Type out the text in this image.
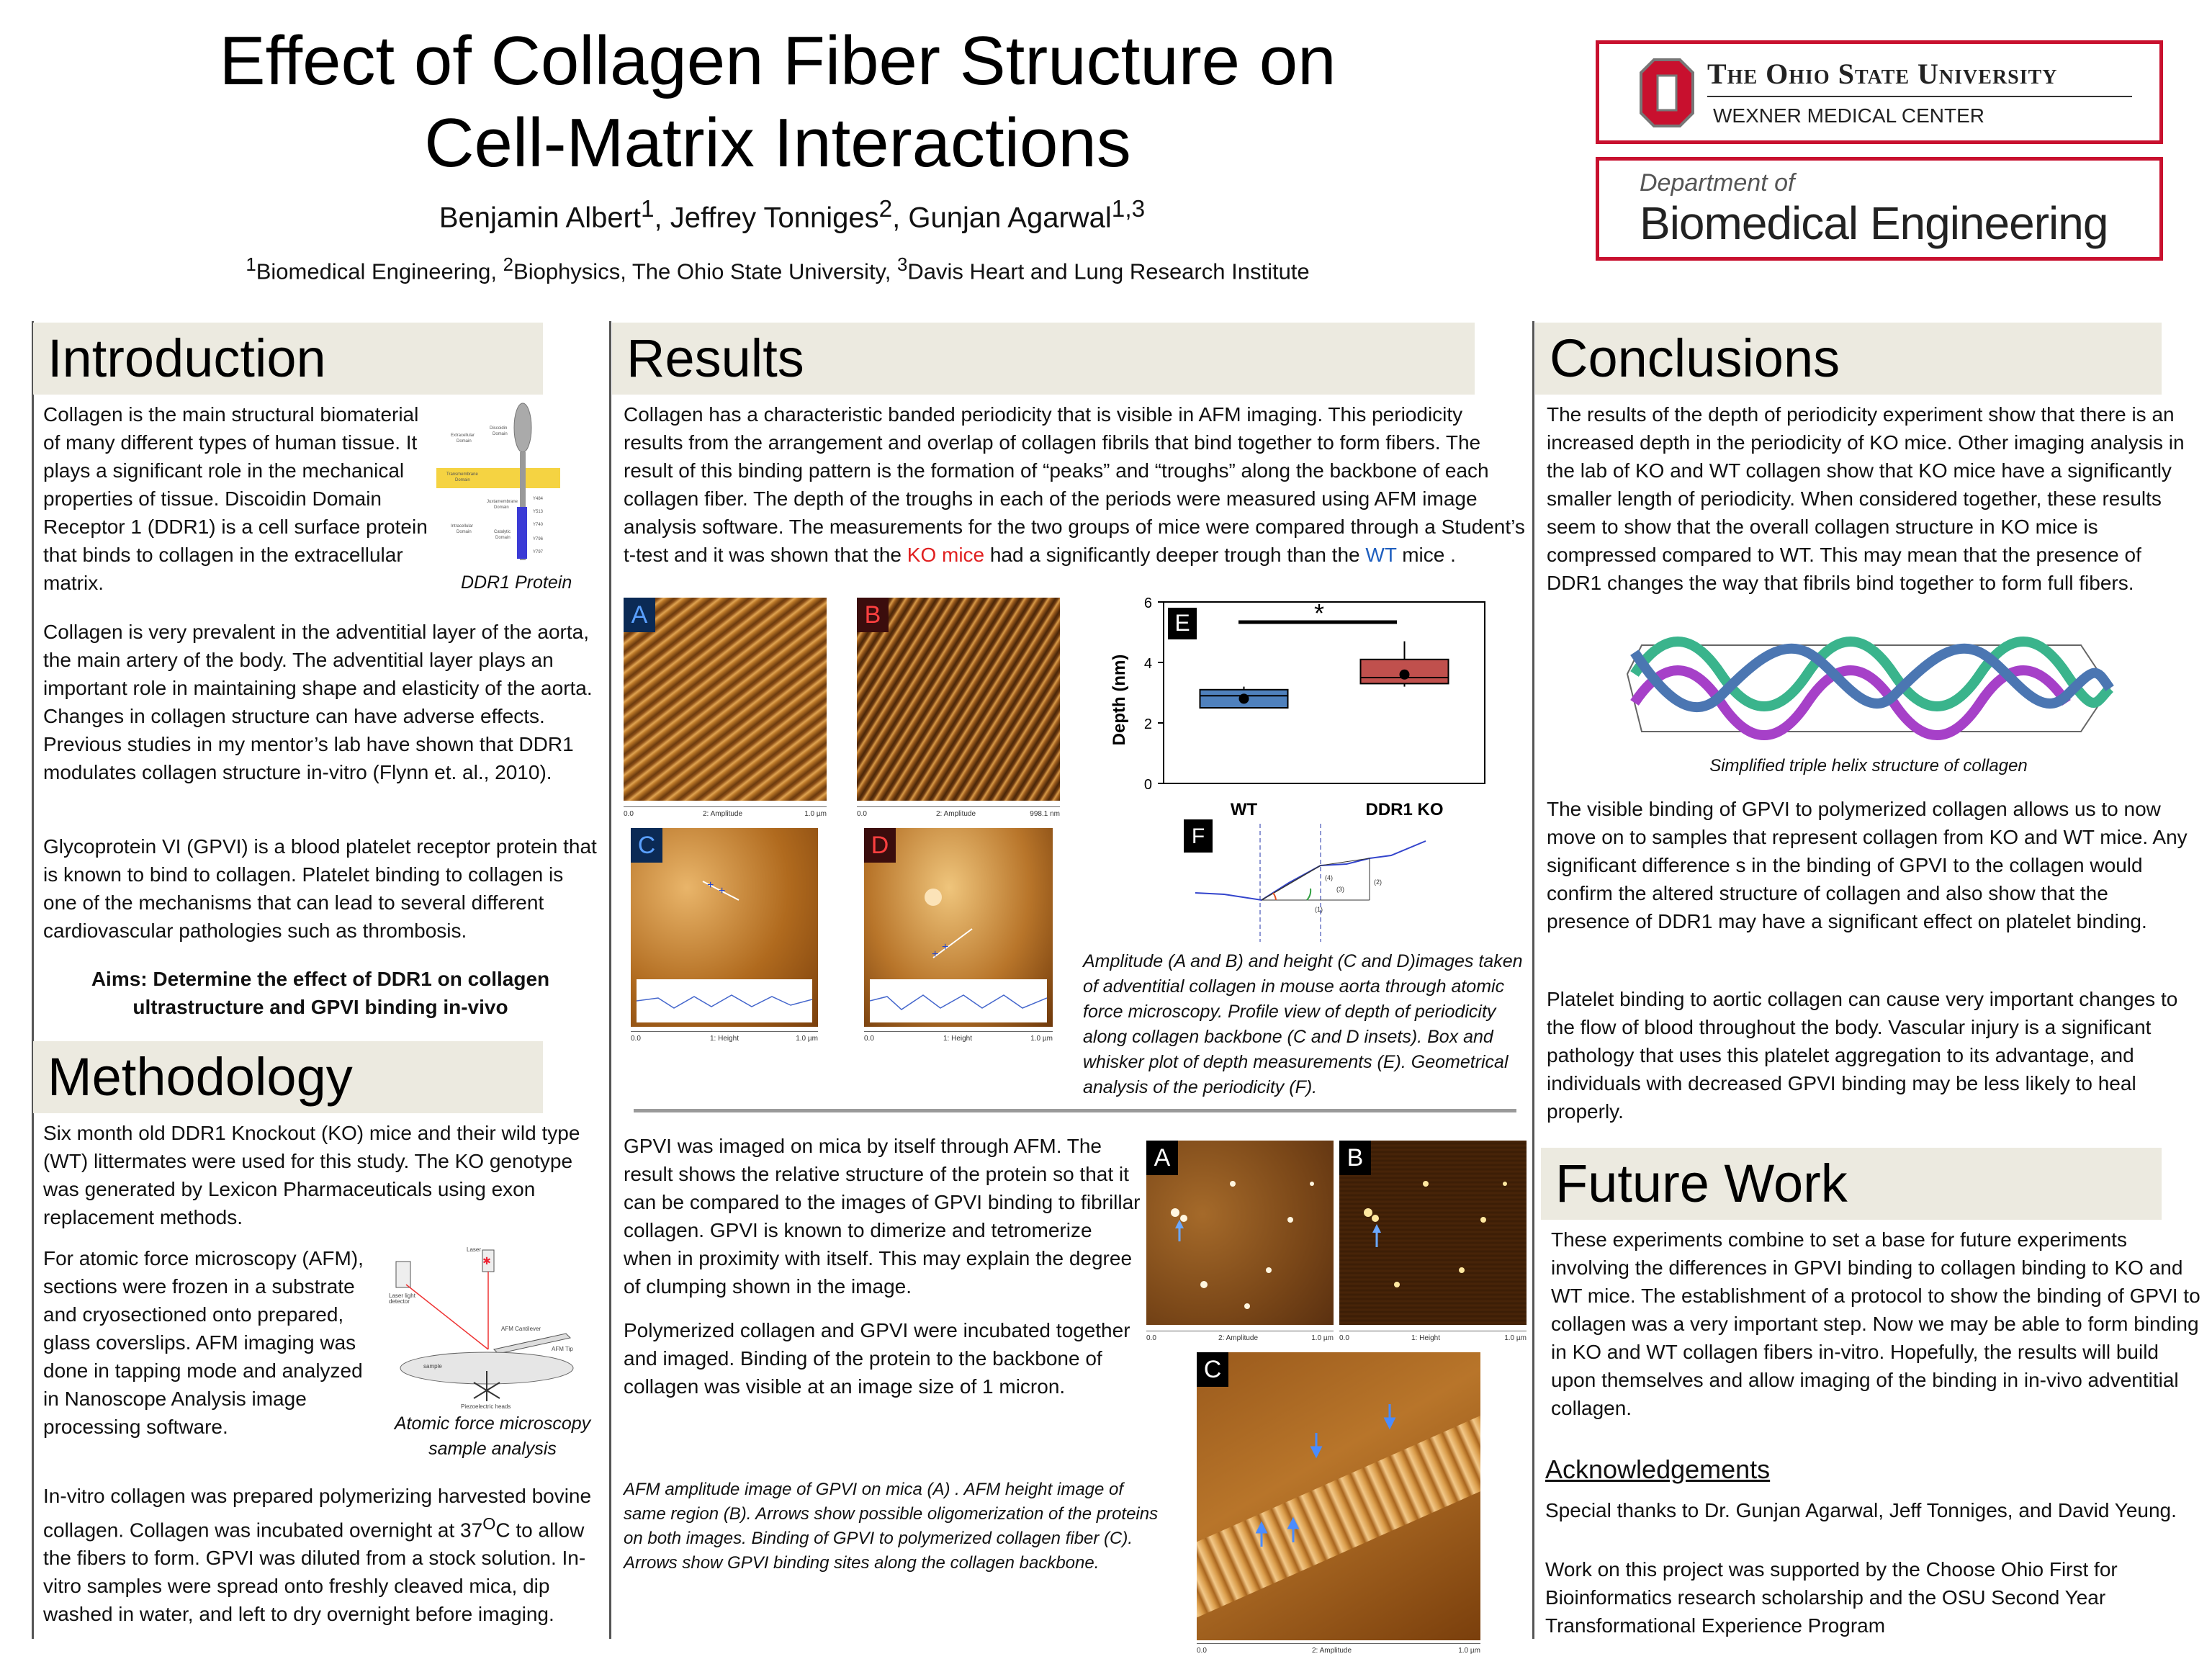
Effect of Collagen Fiber Structure on
Cell-Matrix Interactions
Benjamin Albert$^1$, Jeffrey Tonniges$^2$, Gunjan Agarwal$^{1,3}$
$^1$Biomedical Engineering, $^2$Biophysics, The Ohio State University, $^3$Davis Heart and Lung Research Institute
The Ohio State University
WEXNER MEDICAL CENTER
Department of
Biomedical Engineering
Introduction
Collagen is the main structural biomaterial of many different types of human tissue. It plays a significant role in the mechanical properties of tissue. Discoidin Domain Receptor 1 (DDR1) is a cell surface protein that binds to collagen in the extracellular matrix.
Extracellular
Domain
Discoidin
Domain
Transmembrane
Domain
Juxtamembrane
Domain
Intracellular
Domain	Catalytic
Domain
Y484
Y513
Y740
Y796
Y797
DDR1 Protein
Collagen is very prevalent in the adventitial layer of the aorta, the main artery of the body. The adventitial layer plays an important role in maintaining shape and elasticity of the aorta. Changes in collagen structure can have adverse effects. Previous studies in my mentor’s lab have shown that DDR1 modulates collagen structure in-vitro (Flynn et. al., 2010).
Glycoprotein VI (GPVI) is a blood platelet receptor protein that is known to bind to collagen. Platelet binding to collagen is one of the mechanisms that can lead to several different cardiovascular pathologies such as thrombosis.
Aims: Determine the effect of DDR1 on collagen ultrastructure and GPVI binding in-vivo
Methodology
Six month old DDR1 Knockout (KO) mice and their wild type (WT) littermates were used for this study. The KO genotype was generated by Lexicon Pharmaceuticals using exon replacement methods.
For atomic force microscopy (AFM), sections were frozen in a substrate and cryosectioned onto prepared, glass coverslips. AFM imaging was done in tapping mode and analyzed in Nanoscope Analysis image processing software.
✱
Laser
Laser light
detector
AFM Cantilever
AFM Tip
sample
Piezoelectric heads
Atomic force microscopy sample analysis
In-vitro collagen was prepared polymerizing harvested bovine collagen. Collagen was incubated overnight at $37^OC$ to allow the fibers to form. GPVI was diluted from a stock solution. In-vitro samples were spread onto freshly cleaved mica, dip washed in water, and left to dry overnight before imaging.
Results
Collagen has a characteristic banded periodicity that is visible in AFM imaging. This periodicity results from the arrangement and overlap of collagen fibrils that bind together to form fibers. The result of this binding pattern is the formation of “peaks” and “troughs” along the backbone of each collagen fiber. The depth of the troughs in each of the periods were measured using AFM image analysis software. The measurements for the two groups of mice were compared through a Student’s t-test and it was shown that the KO mice had a significantly deeper trough than the WT mice .
A
0.0	2: Amplitude	1.0 µm
B
0.0	2: Amplitude	998.1 nm
C
+ +
0.0	1: Height	1.0 µm
D
+
+
0.0	1: Height	1.0 µm
Depth (nm)
0
2
4
6
WT	DDR1 KO
E	*
F
(4)
(3)
(2)
(1)
Amplitude (A and B) and height (C and D)images taken of adventitial collagen in mouse aorta through atomic force microscopy. Profile view of depth of periodicity along collagen backbone (C and D insets). Box and whisker plot of depth measurements (E). Geometrical analysis of the periodicity (F).
GPVI was imaged on mica by itself through AFM. The result shows the relative structure of the protein so that it can be compared to the images of GPVI binding to fibrillar collagen. GPVI is known to dimerize and tetromerize when in proximity with itself. This may explain the degree of clumping shown in the image.
Polymerized collagen and GPVI were incubated together and imaged. Binding of the protein to the backbone of collagen was visible at an image size of 1 micron.
AFM amplitude image of GPVI on mica (A) . AFM height image of same region (B). Arrows show possible oligomerization of the proteins on both images. Binding of GPVI to polymerized collagen fiber (C). Arrows show GPVI binding sites along the collagen backbone.
A
0.0	2: Amplitude	1.0 µm
B
0.0	1: Height	1.0 µm
C
0.0	2: Amplitude	1.0 µm
Conclusions
The results of the depth of periodicity experiment show that there is an increased depth in the periodicity of KO mice. Other imaging analysis in the lab of KO and WT collagen show that KO mice have a significantly smaller length of periodicity. When considered together, these results seem to show that the overall collagen structure in KO mice is compressed compared to WT. This may mean that the presence of DDR1 changes the way that fibrils bind together to form full fibers.
Simplified triple helix structure of collagen
The visible binding of GPVI to polymerized collagen allows us to now move on to samples that represent collagen from KO and WT mice. Any significant difference s in the binding of GPVI to the collagen would confirm the altered structure of collagen and also show that the presence of DDR1 may have a significant effect on platelet binding.
Platelet binding to aortic collagen can cause very important changes to the flow of blood throughout the body. Vascular injury is a significant pathology that uses this platelet aggregation to its advantage, and individuals with decreased GPVI binding may be less likely to heal properly.
Future Work
These experiments combine to set a base for future experiments involving the differences in GPVI binding to collagen binding to KO and WT mice. The establishment of a protocol to show the binding of GPVI to collagen was a very important step. Now we may be able to form binding in KO and WT collagen fibers in-vitro. Hopefully, the results will build upon themselves and allow imaging of the binding in in-vivo adventitial collagen.
Acknowledgements
Special thanks to Dr. Gunjan Agarwal, Jeff Tonniges, and David Yeung.
Work on this project was supported by the Choose Ohio First for Bioinformatics research scholarship and the OSU Second Year Transformational Experience Program
